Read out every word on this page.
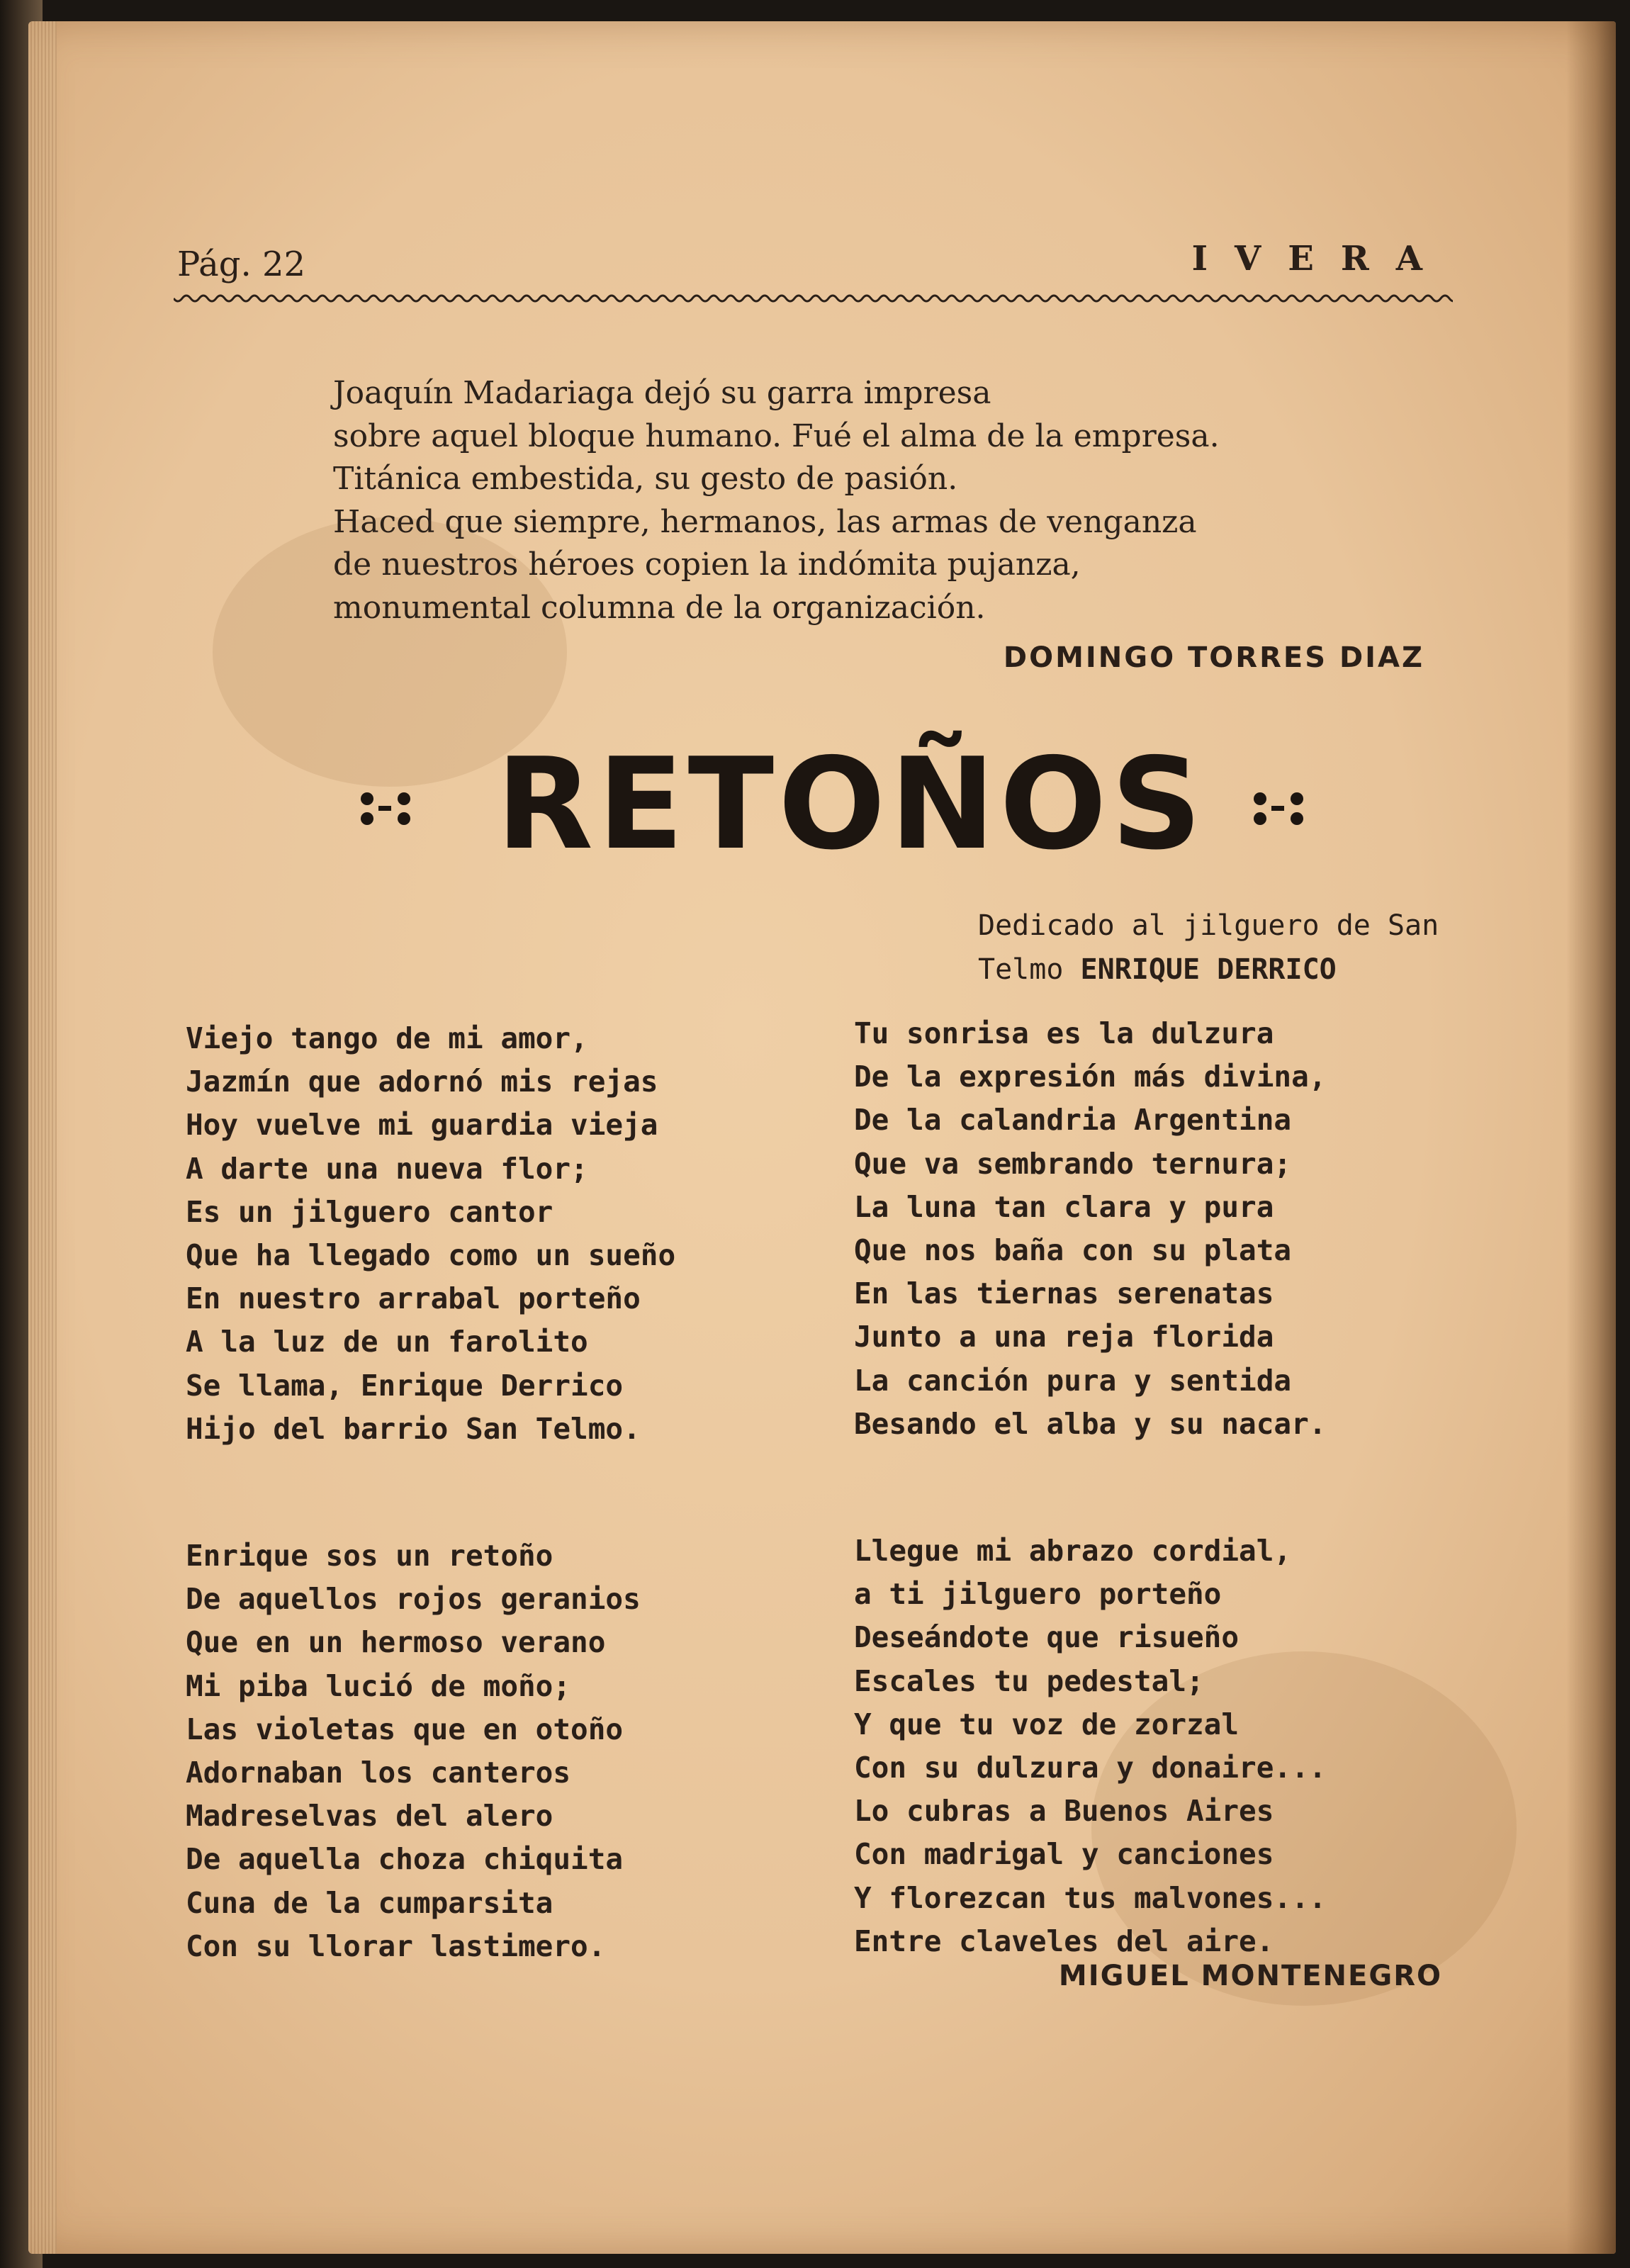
Pág. 22	IVERA
Joaquín Madariaga dejó su garra impresa
sobre aquel bloque humano. Fué el alma de la empresa.
Titánica embestida, su gesto de pasión.
Haced que siempre, hermanos, las armas de venganza
de nuestros héroes copien la indómita pujanza,
monumental columna de la organización.
DOMINGO TORRES DIAZ
RETOÑOS
Dedicado al jilguero de San
Telmo ENRIQUE DERRICO
Viejo tango de mi amor,
Jazmín que adornó mis rejas
Hoy vuelve mi guardia vieja
A darte una nueva flor;
Es un jilguero cantor
Que ha llegado como un sueño
En nuestro arrabal porteño
A la luz de un farolito
Se llama, Enrique Derrico
Hijo del barrio San Telmo.
Enrique sos un retoño
De aquellos rojos geranios
Que en un hermoso verano
Mi piba lució de moño;
Las violetas que en otoño
Adornaban los canteros
Madreselvas del alero
De aquella choza chiquita
Cuna de la cumparsita
Con su llorar lastimero.
Tu sonrisa es la dulzura
De la expresión más divina,
De la calandria Argentina
Que va sembrando ternura;
La luna tan clara y pura
Que nos baña con su plata
En las tiernas serenatas
Junto a una reja florida
La canción pura y sentida
Besando el alba y su nacar.
Llegue mi abrazo cordial,
a ti jilguero porteño
Deseándote que risueño
Escales tu pedestal;
Y que tu voz de zorzal
Con su dulzura y donaire...
Lo cubras a Buenos Aires
Con madrigal y canciones
Y florezcan tus malvones...
Entre claveles del aire.
MIGUEL MONTENEGRO
